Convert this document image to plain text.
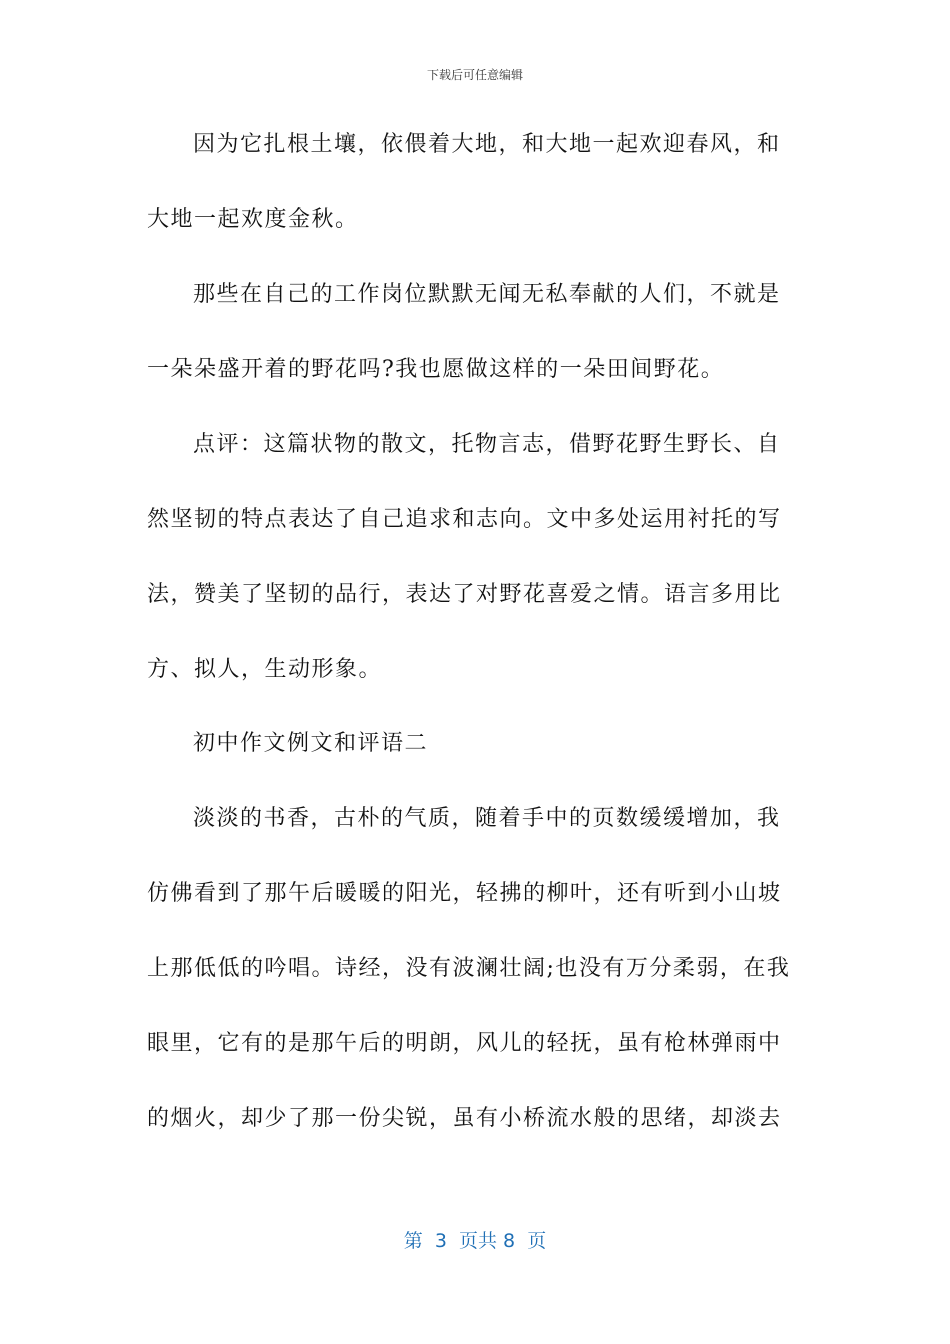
下载后可任意编辑
因为它扎根土壤，依偎着大地，和大地一起欢迎春风，和
大地一起欢度金秋。
那些在自己的工作岗位默默无闻无私奉献的人们，不就是
一朵朵盛开着的野花吗?我也愿做这样的一朵田间野花。
点评：这篇状物的散文，托物言志，借野花野生野长、自
然坚韧的特点表达了自己追求和志向。文中多处运用衬托的写
法，赞美了坚韧的品行，表达了对野花喜爱之情。语言多用比
方、拟人，生动形象。
初中作文例文和评语二
淡淡的书香，古朴的气质，随着手中的页数缓缓增加，我
仿佛看到了那午后暖暖的阳光，轻拂的柳叶，还有听到小山坡
上那低低的吟唱。诗经，没有波澜壮阔;也没有万分柔弱，在我
眼里，它有的是那午后的明朗，风儿的轻抚，虽有枪林弹雨中
的烟火，却少了那一份尖锐，虽有小桥流水般的思绪，却淡去
第  3  页共 8  页
